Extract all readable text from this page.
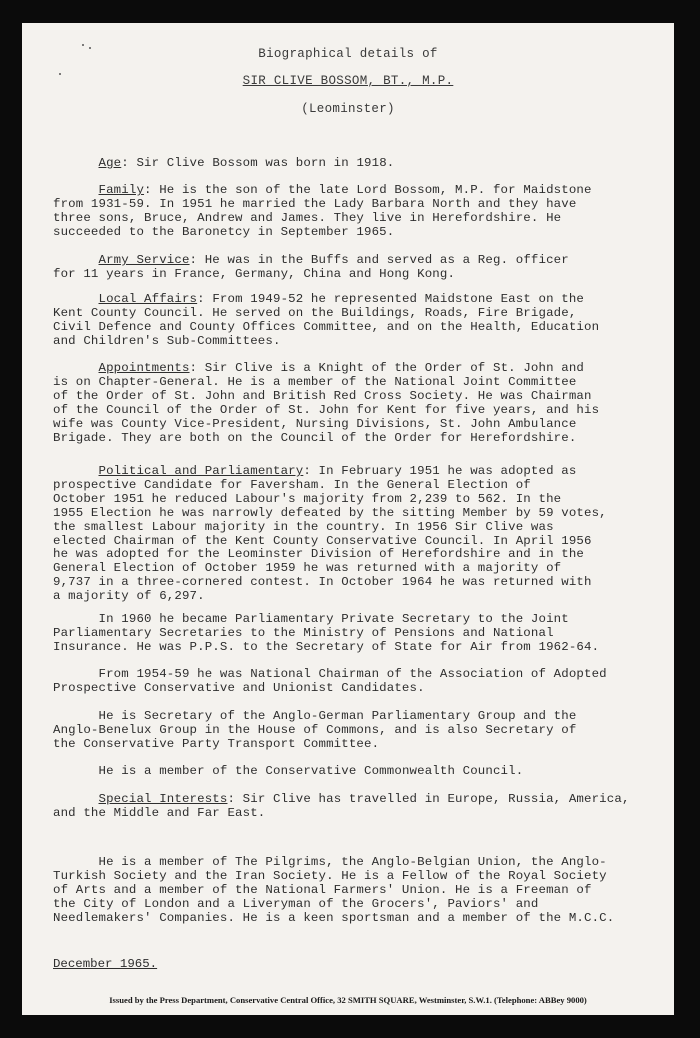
Biographical details of
SIR CLIVE BOSSOM, BT., M.P.
(Leominster)
Age: Sir Clive Bossom was born in 1918.
Family: He is the son of the late Lord Bossom, M.P. for Maidstone
from 1931-59. In 1951 he married the Lady Barbara North and they have
three sons, Bruce, Andrew and James. They live in Herefordshire. He
succeeded to the Baronetcy in September 1965.
Army Service: He was in the Buffs and served as a Reg. officer
for 11 years in France, Germany, China and Hong Kong.
Local Affairs: From 1949-52 he represented Maidstone East on the
Kent County Council. He served on the Buildings, Roads, Fire Brigade,
Civil Defence and County Offices Committee, and on the Health, Education
and Children's Sub-Committees.
Appointments: Sir Clive is a Knight of the Order of St. John and
is on Chapter-General. He is a member of the National Joint Committee
of the Order of St. John and British Red Cross Society. He was Chairman
of the Council of the Order of St. John for Kent for five years, and his
wife was County Vice-President, Nursing Divisions, St. John Ambulance
Brigade. They are both on the Council of the Order for Herefordshire.
Political and Parliamentary: In February 1951 he was adopted as
prospective Candidate for Faversham. In the General Election of
October 1951 he reduced Labour's majority from 2,239 to 562. In the
1955 Election he was narrowly defeated by the sitting Member by 59 votes,
the smallest Labour majority in the country. In 1956 Sir Clive was
elected Chairman of the Kent County Conservative Council. In April 1956
he was adopted for the Leominster Division of Herefordshire and in the
General Election of October 1959 he was returned with a majority of
9,737 in a three-cornered contest. In October 1964 he was returned with
a majority of 6,297.
In 1960 he became Parliamentary Private Secretary to the Joint
Parliamentary Secretaries to the Ministry of Pensions and National
Insurance. He was P.P.S. to the Secretary of State for Air from 1962-64.
From 1954-59 he was National Chairman of the Association of Adopted
Prospective Conservative and Unionist Candidates.
He is Secretary of the Anglo-German Parliamentary Group and the
Anglo-Benelux Group in the House of Commons, and is also Secretary of
the Conservative Party Transport Committee.
He is a member of the Conservative Commonwealth Council.
Special Interests: Sir Clive has travelled in Europe, Russia, America,
and the Middle and Far East.
He is a member of The Pilgrims, the Anglo-Belgian Union, the Anglo-
Turkish Society and the Iran Society. He is a Fellow of the Royal Society
of Arts and a member of the National Farmers' Union. He is a Freeman of
the City of London and a Liveryman of the Grocers', Paviors' and
Needlemakers' Companies. He is a keen sportsman and a member of the M.C.C.
December 1965.
Issued by the Press Department, Conservative Central Office, 32 SMITH SQUARE, Westminster, S.W.1. (Telephone: ABBey 9000)
